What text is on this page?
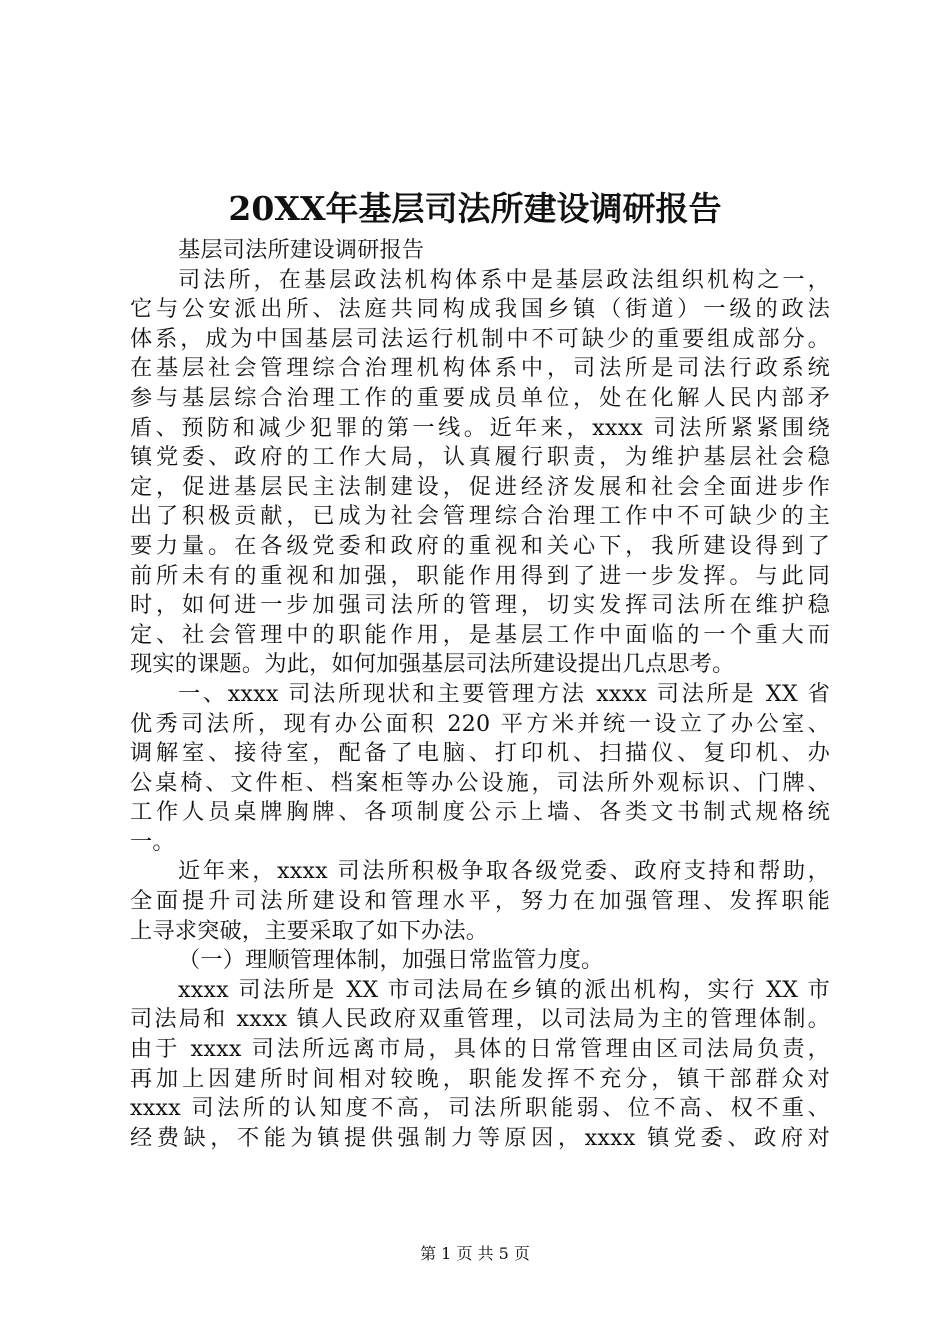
20XX年基层司法所建设调研报告
基层司法所建设调研报告
司法所，在基层政法机构体系中是基层政法组织机构之一，
它与公安派出所、法庭共同构成我国乡镇（街道）一级的政法
体系，成为中国基层司法运行机制中不可缺少的重要组成部分。
在基层社会管理综合治理机构体系中，司法所是司法行政系统
参与基层综合治理工作的重要成员单位，处在化解人民内部矛
盾、预防和减少犯罪的第一线。近年来，xxxx 司法所紧紧围绕
镇党委、政府的工作大局，认真履行职责，为维护基层社会稳
定，促进基层民主法制建设，促进经济发展和社会全面进步作
出了积极贡献，已成为社会管理综合治理工作中不可缺少的主
要力量。在各级党委和政府的重视和关心下，我所建设得到了
前所未有的重视和加强，职能作用得到了进一步发挥。与此同
时，如何进一步加强司法所的管理，切实发挥司法所在维护稳
定、社会管理中的职能作用，是基层工作中面临的一个重大而
现实的课题。为此，如何加强基层司法所建设提出几点思考。
一、xxxx 司法所现状和主要管理方法 xxxx 司法所是 XX 省
优秀司法所，现有办公面积 220 平方米并统一设立了办公室、
调解室、接待室，配备了电脑、打印机、扫描仪、复印机、办
公桌椅、文件柜、档案柜等办公设施，司法所外观标识、门牌、
工作人员桌牌胸牌、各项制度公示上墙、各类文书制式规格统
一。
近年来，xxxx 司法所积极争取各级党委、政府支持和帮助，
全面提升司法所建设和管理水平，努力在加强管理、发挥职能
上寻求突破，主要采取了如下办法。
（一）理顺管理体制，加强日常监管力度。
xxxx 司法所是 XX 市司法局在乡镇的派出机构，实行 XX 市
司法局和 xxxx 镇人民政府双重管理，以司法局为主的管理体制。
由于 xxxx 司法所远离市局，具体的日常管理由区司法局负责，
再加上因建所时间相对较晚，职能发挥不充分，镇干部群众对
xxxx 司法所的认知度不高，司法所职能弱、位不高、权不重、
经费缺，不能为镇提供强制力等原因，xxxx 镇党委、政府对
第 1 页 共 5 页
